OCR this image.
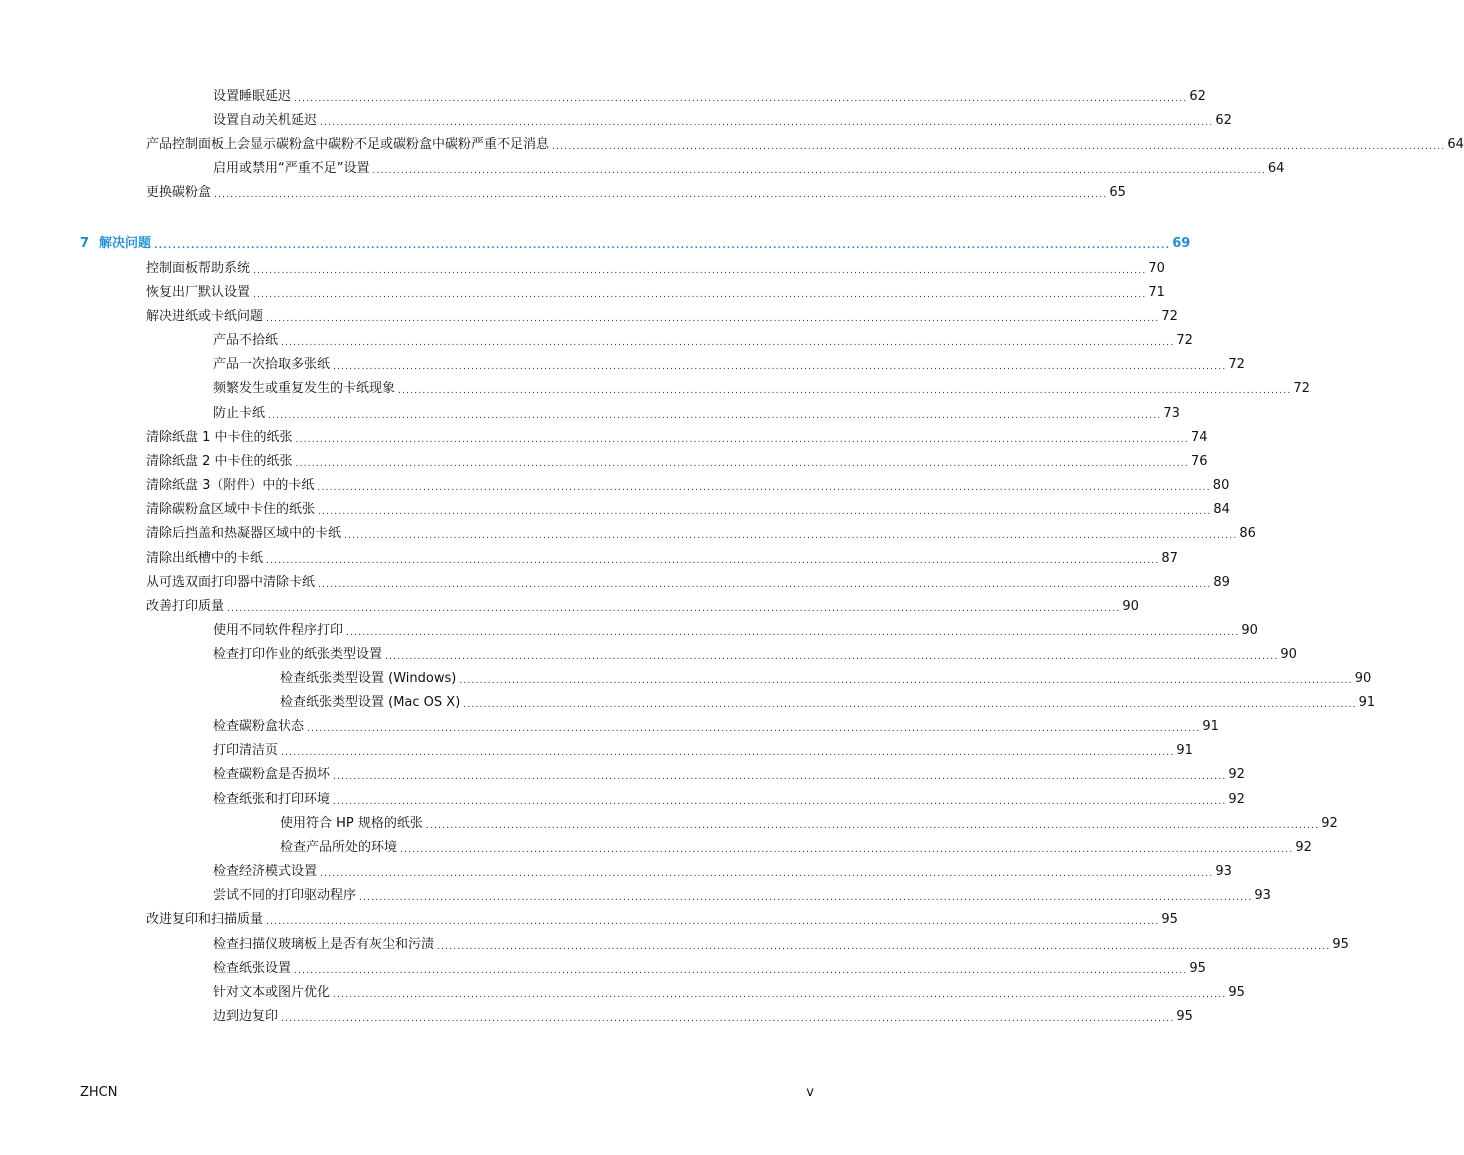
设置睡眠延迟 ............................................................................................................................................................................................................................ 62
设置自动关机延迟 ............................................................................................................................................................................................................................ 62
产品控制面板上会显示碳粉盒中碳粉不足或碳粉盒中碳粉严重不足消息 ............................................................................................................................................................................................................................ 64
启用或禁用“严重不足”设置 ............................................................................................................................................................................................................................ 64
更换碳粉盒 ............................................................................................................................................................................................................................ 65
7 解决问题 ............................................................................................................................................................................................................................ 69
控制面板帮助系统 ............................................................................................................................................................................................................................ 70
恢复出厂默认设置 ............................................................................................................................................................................................................................ 71
解决进纸或卡纸问题 ............................................................................................................................................................................................................................ 72
产品不拾纸 ............................................................................................................................................................................................................................ 72
产品一次拾取多张纸 ............................................................................................................................................................................................................................ 72
频繁发生或重复发生的卡纸现象 ............................................................................................................................................................................................................................ 72
防止卡纸 ............................................................................................................................................................................................................................ 73
清除纸盘 1 中卡住的纸张 ............................................................................................................................................................................................................................ 74
清除纸盘 2 中卡住的纸张 ............................................................................................................................................................................................................................ 76
清除纸盘 3（附件）中的卡纸 ............................................................................................................................................................................................................................ 80
清除碳粉盒区域中卡住的纸张 ............................................................................................................................................................................................................................ 84
清除后挡盖和热凝器区域中的卡纸 ............................................................................................................................................................................................................................ 86
清除出纸槽中的卡纸 ............................................................................................................................................................................................................................ 87
从可选双面打印器中清除卡纸 ............................................................................................................................................................................................................................ 89
改善打印质量 ............................................................................................................................................................................................................................ 90
使用不同软件程序打印 ............................................................................................................................................................................................................................ 90
检查打印作业的纸张类型设置 ............................................................................................................................................................................................................................ 90
检查纸张类型设置 (Windows) ............................................................................................................................................................................................................................ 90
检查纸张类型设置 (Mac OS X) ............................................................................................................................................................................................................................ 91
检查碳粉盒状态 ............................................................................................................................................................................................................................ 91
打印清洁页 ............................................................................................................................................................................................................................ 91
检查碳粉盒是否损坏 ............................................................................................................................................................................................................................ 92
检查纸张和打印环境 ............................................................................................................................................................................................................................ 92
使用符合 HP 规格的纸张 ............................................................................................................................................................................................................................ 92
检查产品所处的环境 ............................................................................................................................................................................................................................ 92
检查经济模式设置 ............................................................................................................................................................................................................................ 93
尝试不同的打印驱动程序 ............................................................................................................................................................................................................................ 93
改进复印和扫描质量 ............................................................................................................................................................................................................................ 95
检查扫描仪玻璃板上是否有灰尘和污渍 ............................................................................................................................................................................................................................ 95
检查纸张设置 ............................................................................................................................................................................................................................ 95
针对文本或图片优化 ............................................................................................................................................................................................................................ 95
边到边复印 ............................................................................................................................................................................................................................ 95
ZHCN	v
